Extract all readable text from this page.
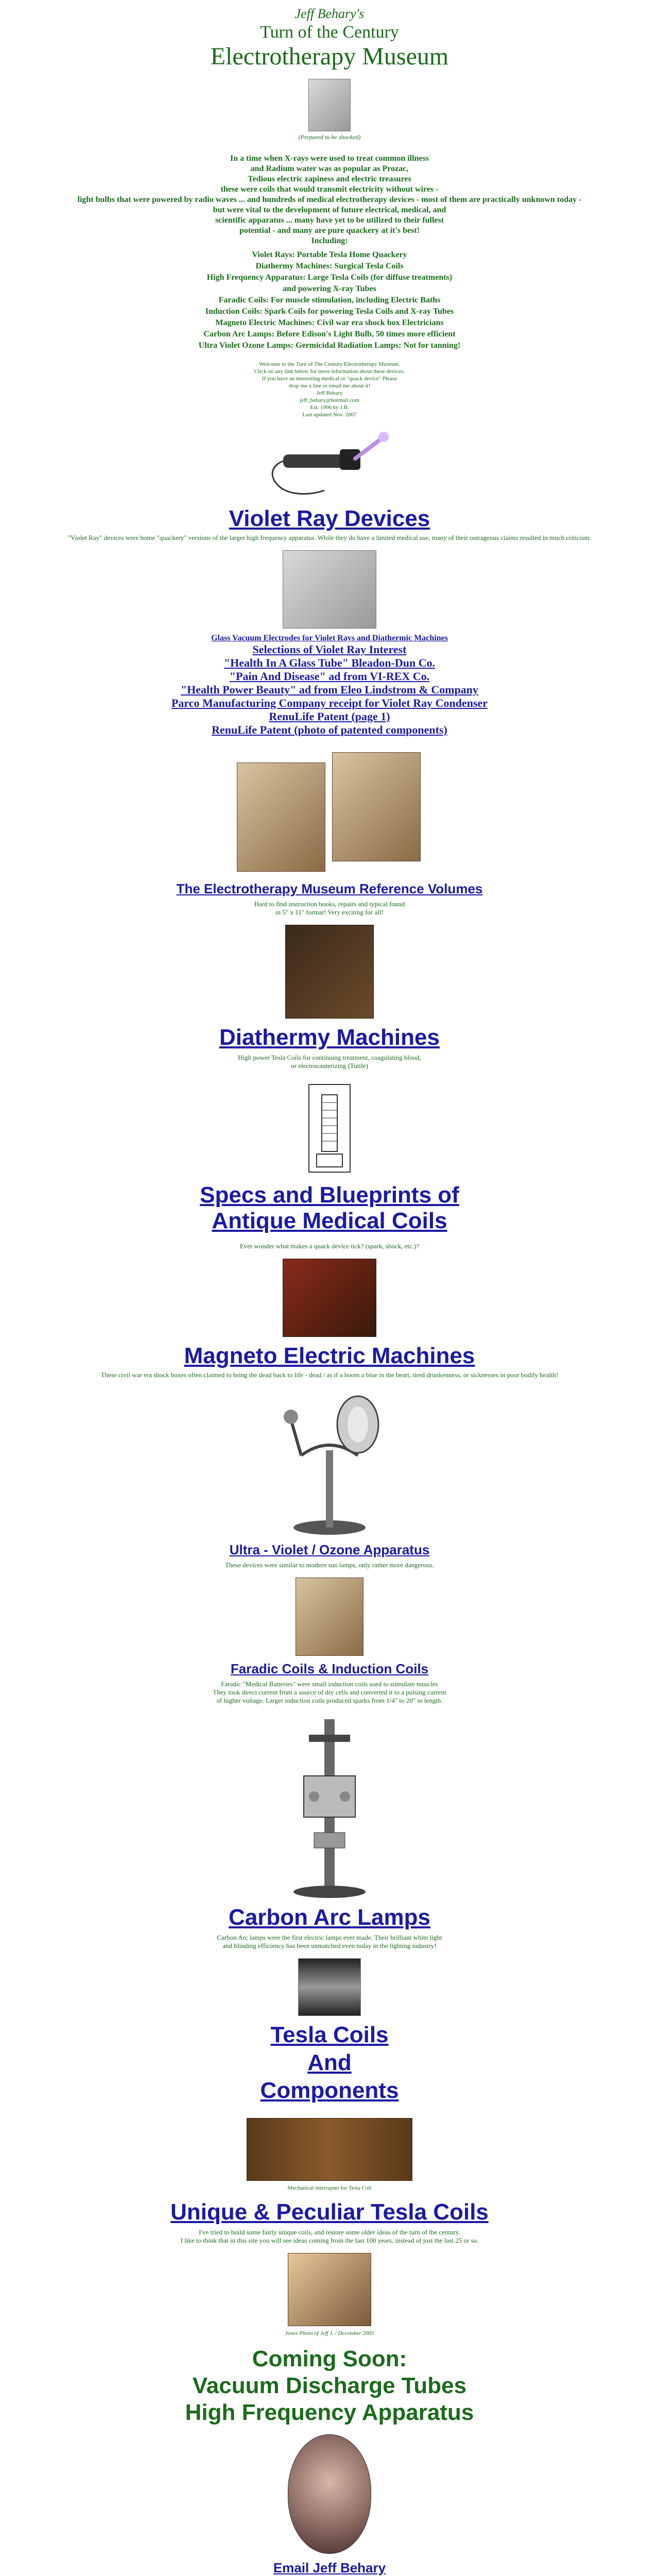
Jeff Behary's
Turn of the Century
Electrotherapy Museum
(Prepared to be shocked)
In a time when X-rays were used to treat common illness
and Radium water was as popular as Prozac,
Tedious electric zapiness and electric treasures
these were coils that would transmit electricity without wires -
light bulbs that were powered by radio waves ... and hundreds of medical electrotherapy devices - most of them are practically unknown today -
but were vital to the development of future electrical, medical, and
scientific apparatus ... many have yet to be utilized to their fullest
potential - and many are pure quackery at it's best!
Including:
Violet Rays: Portable Tesla Home Quackery
Diathermy Machines: Surgical Tesla Coils
High Frequency Apparatus: Large Tesla Coils (for diffuse treatments)
and powering X-ray Tubes
Faradic Coils: For muscle stimulation, including Electric Baths
Induction Coils: Spark Coils for powering Tesla Coils and X-ray Tubes
Magneto Electric Machines: Civil war era shock box Electricians
Carbon Arc Lamps: Before Edison's Light Bulb, 50 times more efficient
Ultra Violet Ozone Lamps: Germicidal Radiation Lamps: Not for tanning!
Welcome to the Turn of The Century Electrotherapy Museum.
Click on any link below for more information about these devices.
If you have an interesting medical or "quack device" Please
drop me a line or email me about it!
Jeff Behary
jeff_behary@hotmail.com
Est. 1996 by J.B.
Last updated Nov. 2007
Violet Ray Devices
"Violet Ray" devices were home "quackery" versions of the larger high frequency apparatus. While they do have a limited medical use, many of their outrageous claims resulted in much criticism.
Glass Vacuum Electrodes for Violet Rays and Diathermic Machines
Selections of Violet Ray Interest
"Health In A Glass Tube" Bleadon-Dun Co.
"Pain And Disease" ad from VI-REX Co.
"Health Power Beauty" ad from Eleo Lindstrom & Company
Parco Manufacturing Company receipt for Violet Ray Condenser
RenuLife Patent (page 1)
RenuLife Patent (photo of patented components)
The Electrotherapy Museum Reference Volumes
Hard to find instruction books, repairs and typical found
in 5" x 11" format! Very exciting for all!
Diathermy Machines
High power Tesla Coils for continuing treatment, coagulating blood,
or electrocauterizing (Tuttle)
Specs and Blueprints of
Antique Medical Coils
Ever wonder what makes a quack device tick? (spark, shock, etc.)?
Magneto Electric Machines
These civil war era shock boxes often claimed to bring the dead back to life - dead / as if a boom a blue in the heart, tired drunkenness, or sicknesses in poor bodily health!
Ultra - Violet / Ozone Apparatus
These devices were similar to modern sun lamps, only rather more dangerous.
Faradic Coils & Induction Coils
Faradic "Medical Batteries" were small induction coils used to stimulate muscles
They took direct current from a source of dry cells and converted it to a pulsing current
of higher voltage. Larger induction coils produced sparks from 1/4" to 20" in length.
Carbon Arc Lamps
Carbon Arc lamps were the first electric lamps ever made. Their brilliant white light
and blinding efficiency has been unmatched even today in the lighting industry!
Tesla Coils
And
Components
Mechanical interrupter for Tesla Coil
Unique & Peculiar Tesla Coils
I've tried to build some fairly unique coils, and restore some older ideas of the turn of the century.
I like to think that in this site you will see ideas coming from the last 100 years, instead of just the last 25 or so.
Jones Photo of Jeff J. / December 2005
Coming Soon:
Vacuum Discharge Tubes
High Frequency Apparatus
Email Jeff Behary
